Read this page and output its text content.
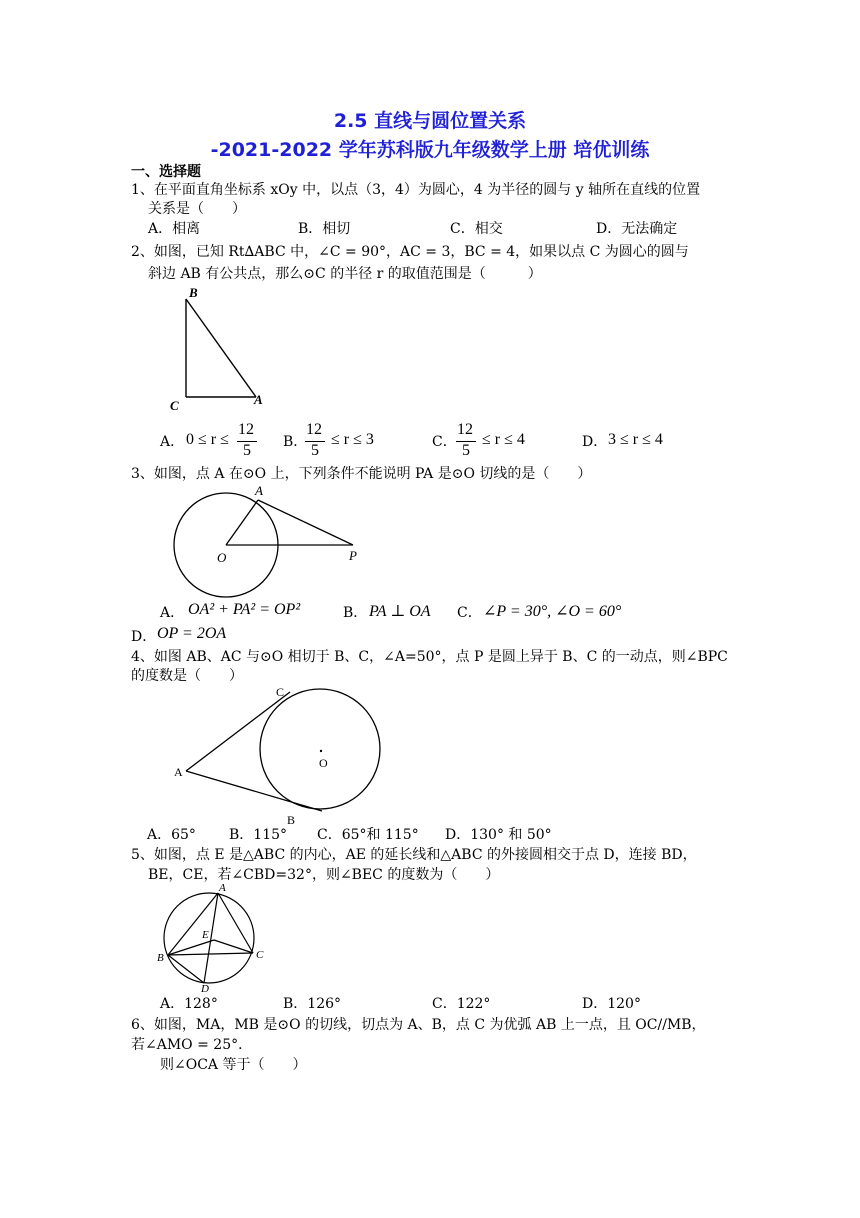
2.5 直线与圆位置关系
-2021-2022 学年苏科版九年级数学上册 培优训练
一、选择题
1、在平面直角坐标系 xOy 中，以点（3，4）为圆心，4 为半径的圆与 y 轴所在直线的位置
关系是（　　）
A．相离	B．相切	C．相交	D．无法确定
2、如图，已知 Rt∆ABC 中，∠C = 90°，AC = 3，BC = 4，如果以点 C 为圆心的圆与
斜边 AB 有公共点，那么⊙C 的半径 r 的取值范围是（　　　）
B
C	A
A． 0 ≤ r ≤
12
5 B．
12
5
≤ r ≤ 3	C．
12
5
≤ r ≤ 4	D． 3 ≤ r ≤ 4
3、如图，点 A 在⊙O 上，下列条件不能说明 PA 是⊙O 切线的是（　　）
A
O	P
A． OA² + PA² = OP²	B． PA ⊥ OA C． ∠P = 30°, ∠O = 60°
D． OP = 2OA
4、如图 AB、AC 与⊙O 相切于 B、C，∠A=50°，点 P 是圆上异于 B、C 的一动点，则∠BPC
的度数是（　　）
C
O
A
B
A．65° B．115° C．65°和 115° D．130° 和 50°
5、如图，点 E 是△ABC 的内心，AE 的延长线和△ABC 的外接圆相交于点 D，连接 BD，
BE，CE，若∠CBD=32°，则∠BEC 的度数为（　　）
A
E
B	C
D
A．128°	B．126°	C．122°	D．120°
6、如图，MA，MB 是⊙O 的切线，切点为 A、B，点 C 为优弧 AB 上一点，且 OC//MB，
若∠AMO = 25°．
则∠OCA 等于（　　）
